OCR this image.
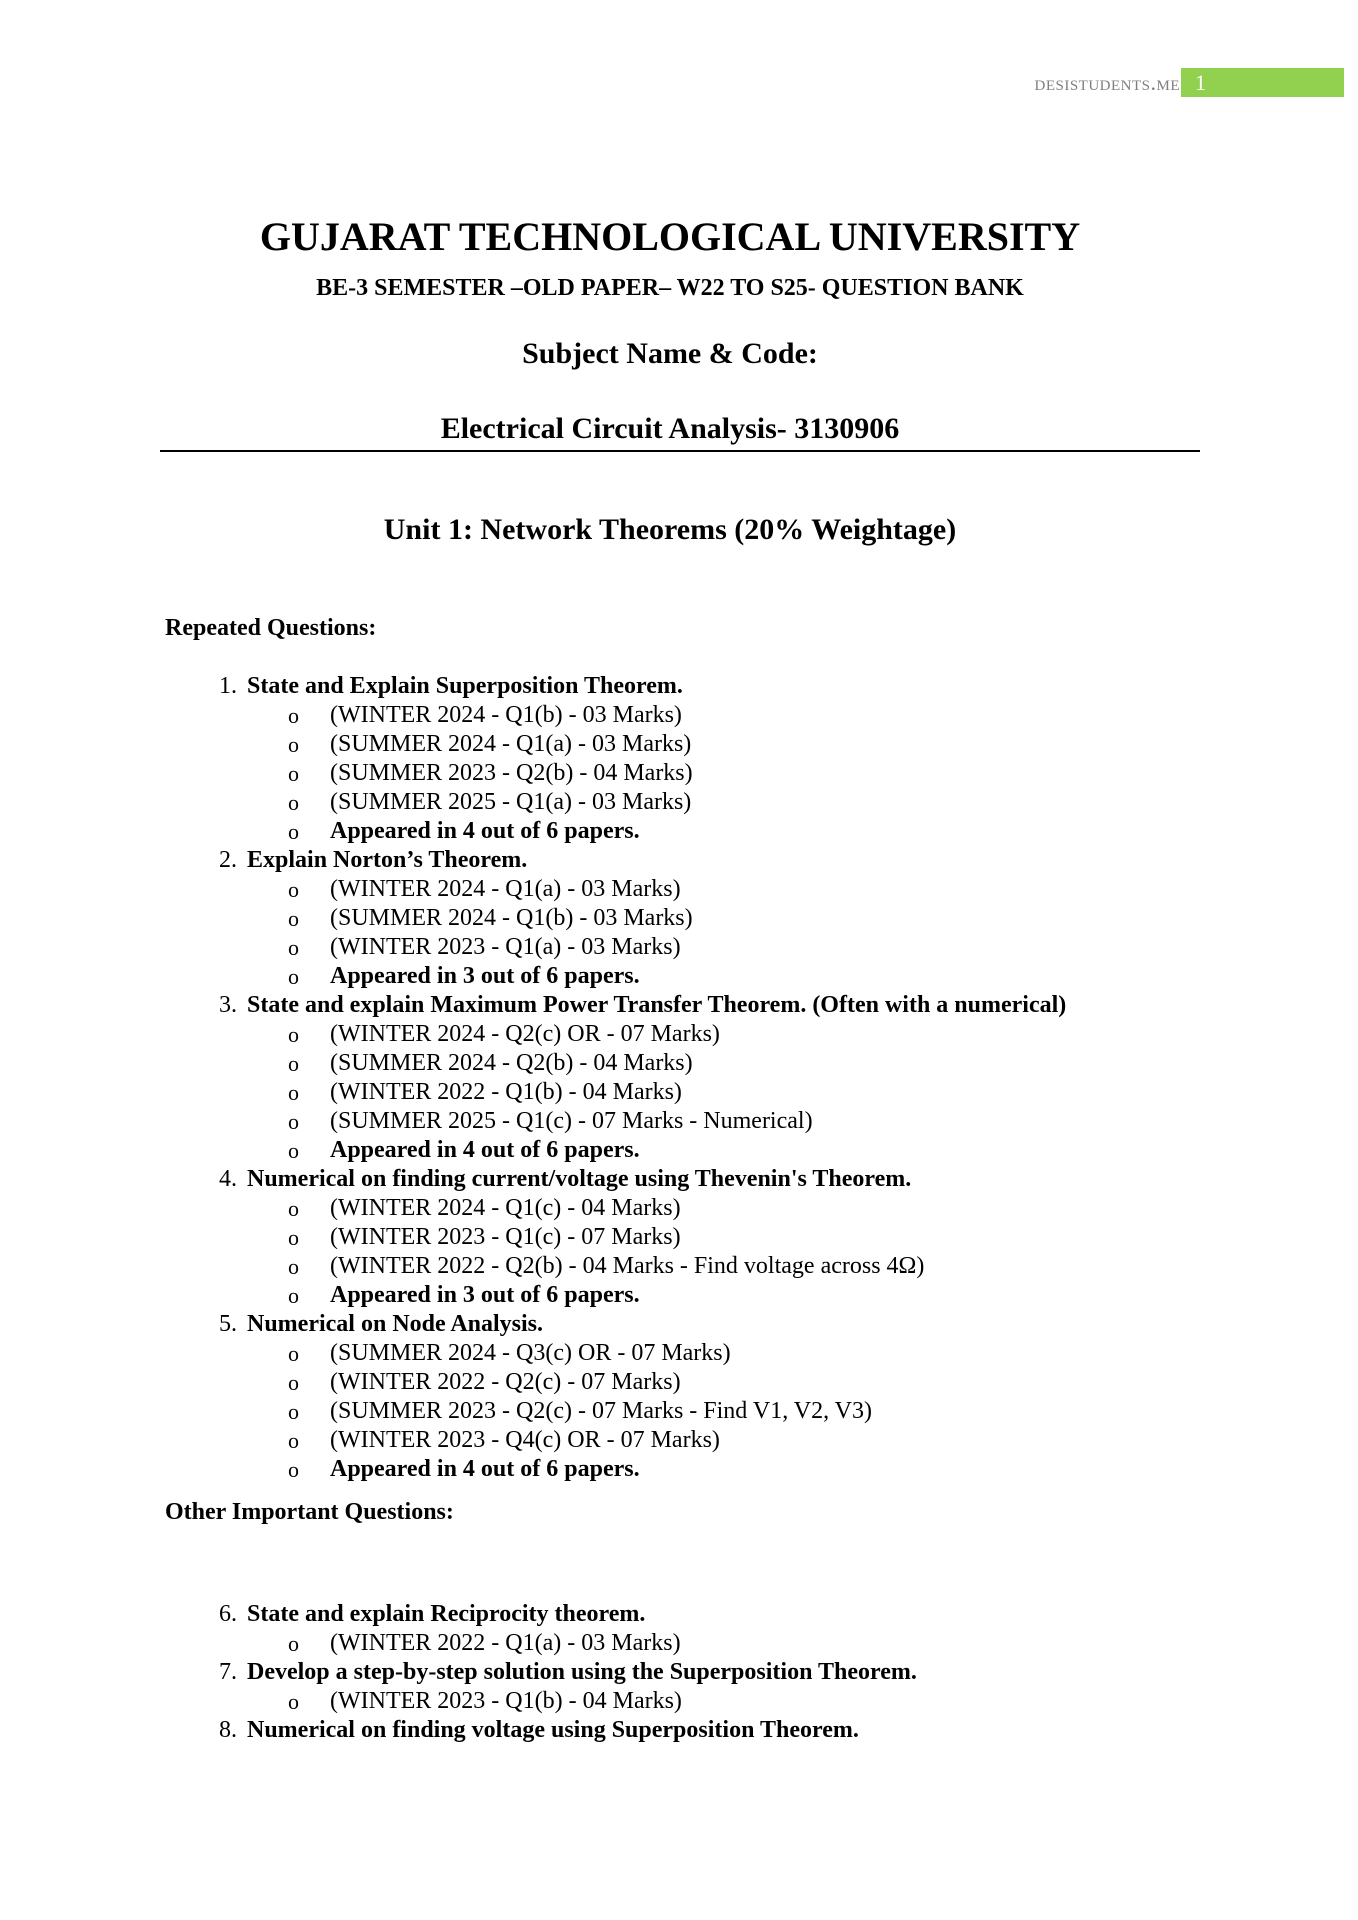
desistudents.me 1
GUJARAT TECHNOLOGICAL UNIVERSITY
BE-3 SEMESTER –OLD PAPER– W22 TO S25- QUESTION BANK
Subject Name & Code:
Electrical Circuit Analysis- 3130906
Unit 1: Network Theorems (20% Weightage)
Repeated Questions:
1. State and Explain Superposition Theorem.
o (WINTER 2024 - Q1(b) - 03 Marks)
o (SUMMER 2024 - Q1(a) - 03 Marks)
o (SUMMER 2023 - Q2(b) - 04 Marks)
o (SUMMER 2025 - Q1(a) - 03 Marks)
o Appeared in 4 out of 6 papers.
2. Explain Norton’s Theorem.
o (WINTER 2024 - Q1(a) - 03 Marks)
o (SUMMER 2024 - Q1(b) - 03 Marks)
o (WINTER 2023 - Q1(a) - 03 Marks)
o Appeared in 3 out of 6 papers.
3. State and explain Maximum Power Transfer Theorem. (Often with a numerical)
o (WINTER 2024 - Q2(c) OR - 07 Marks)
o (SUMMER 2024 - Q2(b) - 04 Marks)
o (WINTER 2022 - Q1(b) - 04 Marks)
o (SUMMER 2025 - Q1(c) - 07 Marks - Numerical)
o Appeared in 4 out of 6 papers.
4. Numerical on finding current/voltage using Thevenin's Theorem.
o (WINTER 2024 - Q1(c) - 04 Marks)
o (WINTER 2023 - Q1(c) - 07 Marks)
o (WINTER 2022 - Q2(b) - 04 Marks - Find voltage across 4Ω)
o Appeared in 3 out of 6 papers.
5. Numerical on Node Analysis.
o (SUMMER 2024 - Q3(c) OR - 07 Marks)
o (WINTER 2022 - Q2(c) - 07 Marks)
o (SUMMER 2023 - Q2(c) - 07 Marks - Find V1, V2, V3)
o (WINTER 2023 - Q4(c) OR - 07 Marks)
o Appeared in 4 out of 6 papers.
Other Important Questions:
6. State and explain Reciprocity theorem.
o (WINTER 2022 - Q1(a) - 03 Marks)
7. Develop a step-by-step solution using the Superposition Theorem.
o (WINTER 2023 - Q1(b) - 04 Marks)
8. Numerical on finding voltage using Superposition Theorem.
